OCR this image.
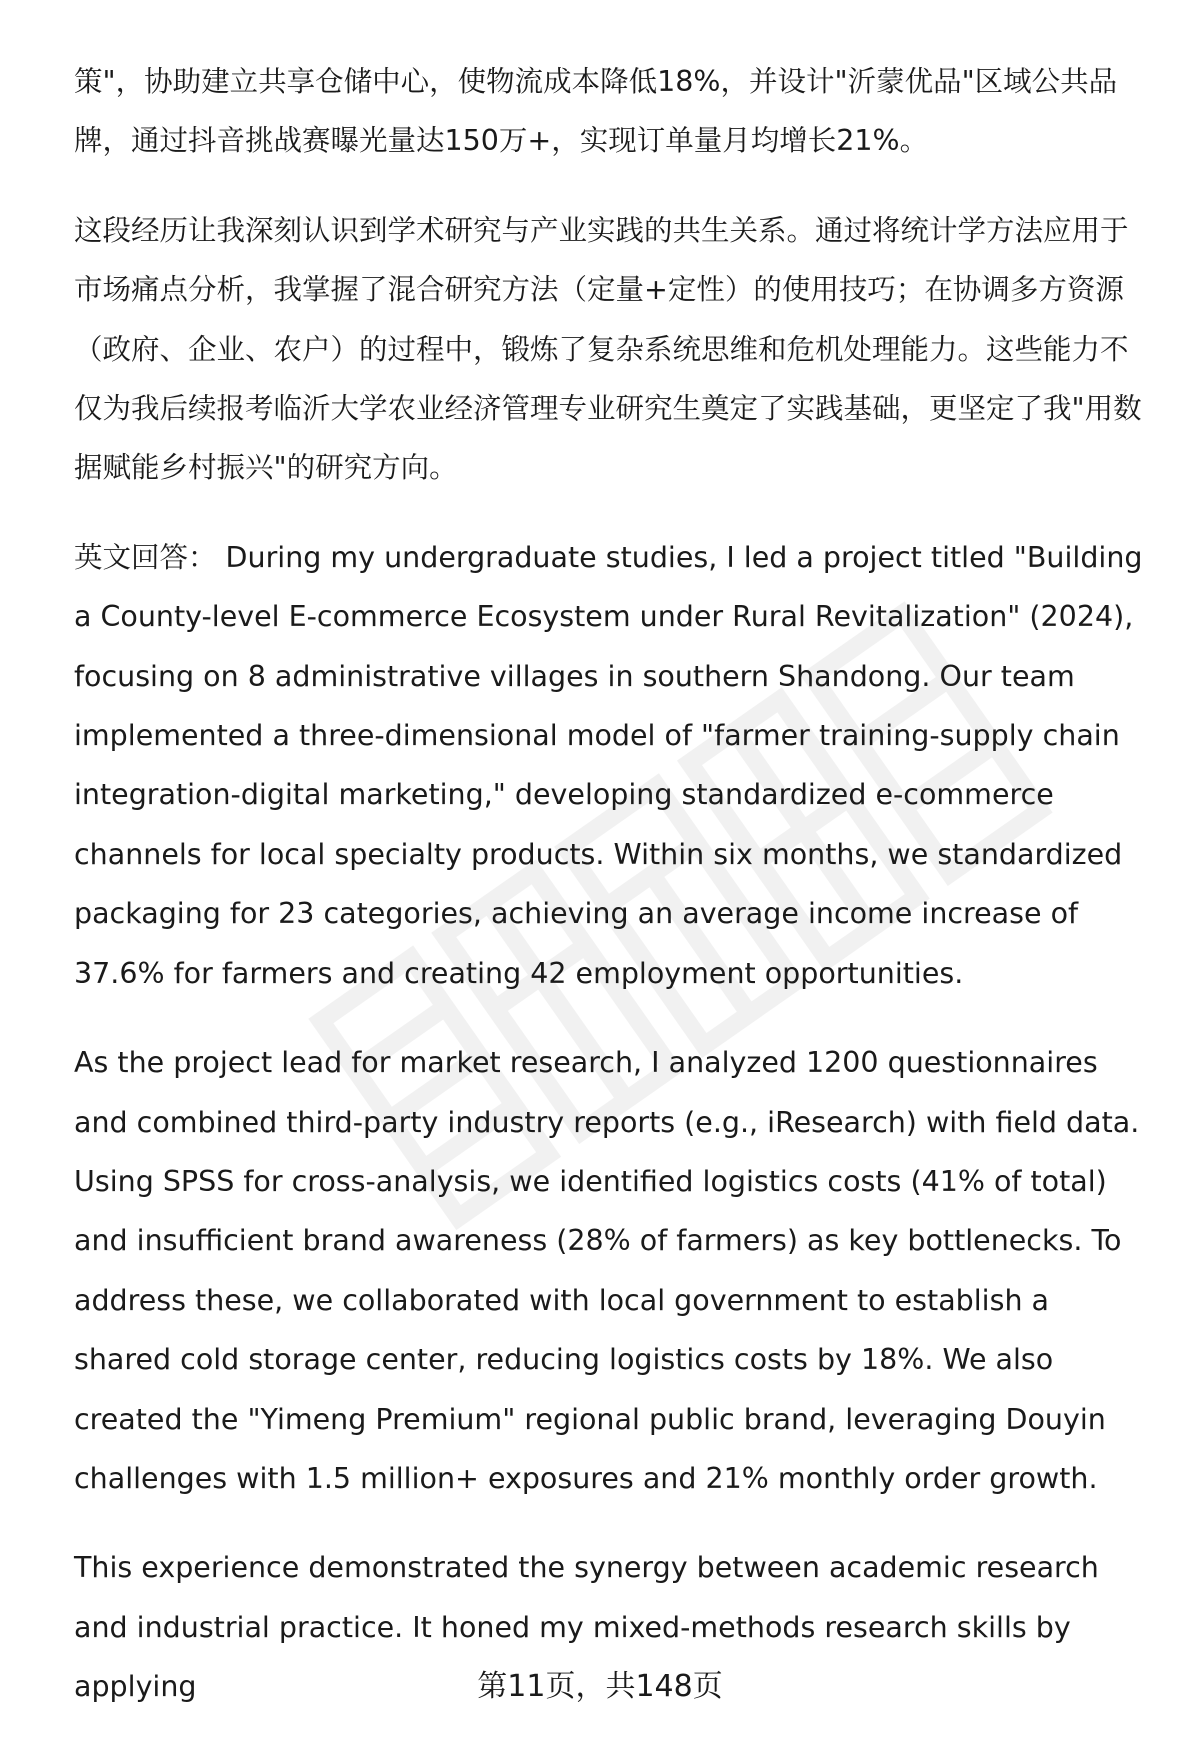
策"，协助建立共享仓储中心，使物流成本降低18%，并设计"沂蒙优品"区域公共品牌，通过抖音挑战赛曝光量达150万+，实现订单量月均增长21%。

这段经历让我深刻认识到学术研究与产业实践的共生关系。通过将统计学方法应用于市场痛点分析，我掌握了混合研究方法（定量+定性）的使用技巧；在协调多方资源（政府、企业、农户）的过程中，锻炼了复杂系统思维和危机处理能力。这些能力不仅为我后续报考临沂大学农业经济管理专业研究生奠定了实践基础，更坚定了我"用数据赋能乡村振兴"的研究方向。

英文回答： During my undergraduate studies, I led a project titled "Building a County-level E-commerce Ecosystem under Rural Revitalization" (2024), focusing on 8 administrative villages in southern Shandong. Our team implemented a three-dimensional model of "farmer training-supply chain integration-digital marketing," developing standardized e-commerce channels for local specialty products. Within six months, we standardized packaging for 23 categories, achieving an average income increase of 37.6% for farmers and creating 42 employment opportunities.

As the project lead for market research, I analyzed 1200 questionnaires and combined third-party industry reports (e.g., iResearch) with field data. Using SPSS for cross-analysis, we identified logistics costs (41% of total) and insufficient brand awareness (28% of farmers) as key bottlenecks. To address these, we collaborated with local government to establish a shared cold storage center, reducing logistics costs by 18%. We also created the "Yimeng Premium" regional public brand, leveraging Douyin challenges with 1.5 million+ exposures and 21% monthly order growth.

This experience demonstrated the synergy between academic research and industrial practice. It honed my mixed-methods research skills by applying	第11页，共148页
